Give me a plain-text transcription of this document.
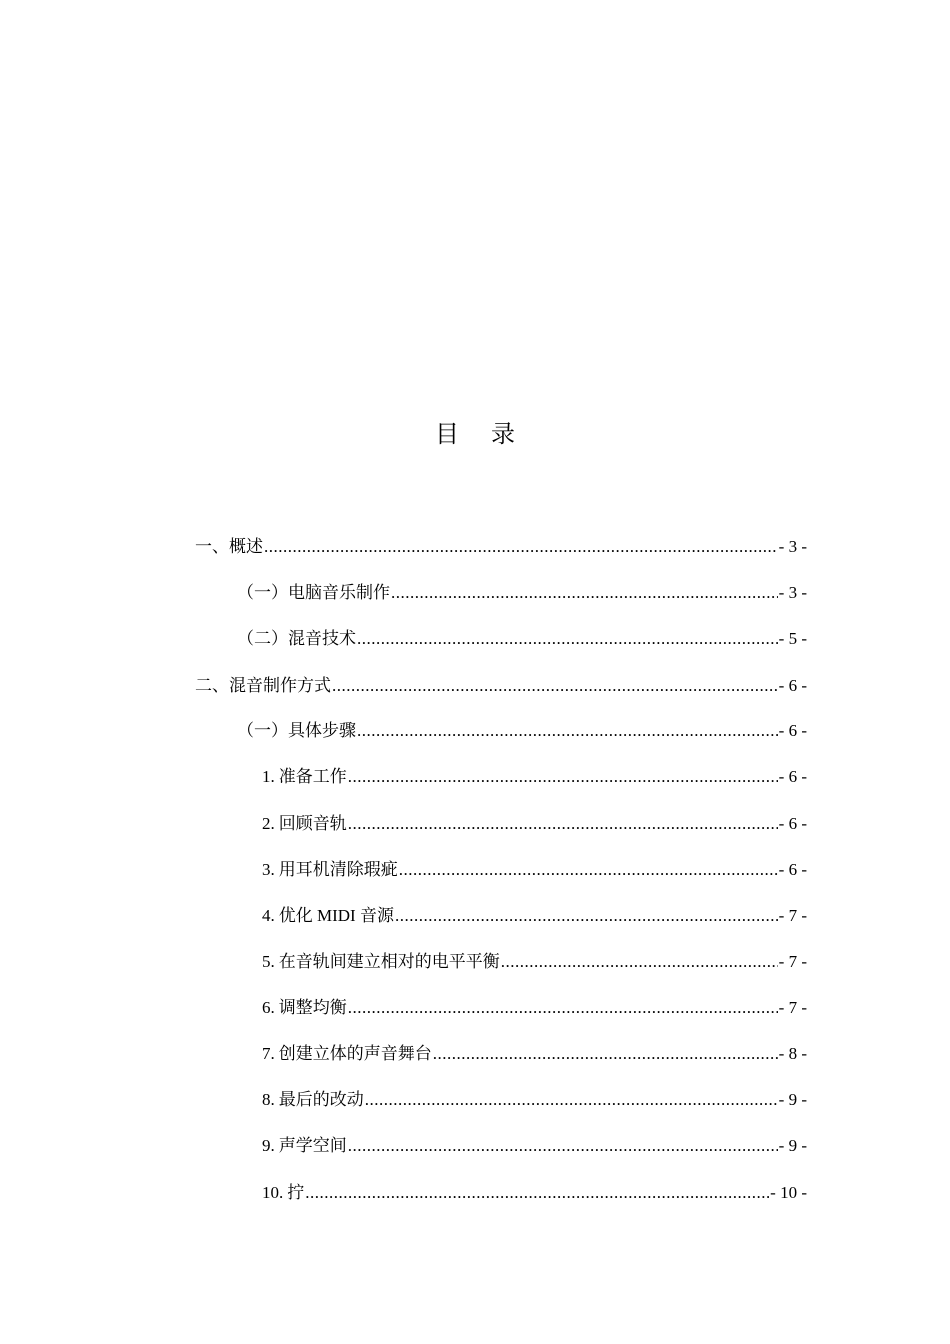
目录
一、 概述 .....	- 3 -
（一） 电脑音乐制作 .....	- 3 -
（二） 混音技术 .....	- 5 -
二、 混音制作方式 .....	- 6 -
（一） 具体步骤 .....	- 6 -
1. 准备工作 .....	- 6 -
2. 回顾音轨 .....	- 6 -
3. 用耳机清除瑕疵 .....	- 6 -
4. 优化 MIDI 音源 .....	- 7 -
5. 在音轨间建立相对的电平平衡 .....	- 7 -
6. 调整均衡 .....	- 7 -
7. 创建立体的声音舞台 .....	- 8 -
8. 最后的改动 .....	- 9 -
9. 声学空间 .....	- 9 -
10. 拧 .....	- 10 -
